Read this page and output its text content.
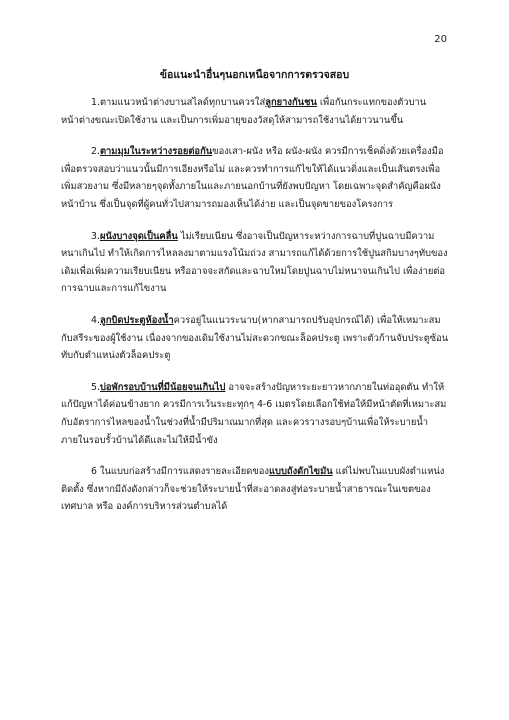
20
ข้อแนะนำอื่นๆนอกเหนือจากการตรวจสอบ

1.ตามแนวหน้าต่างบานสไลด์ทุกบานควรใส่ลูกยางกันชน เพื่อกันกระแทกของตัวบานหน้าต่างขณะเปิดใช้งาน และเป็นการเพิ่มอายุของวัสดุให้สามารถใช้งานได้ยาวนานขึ้น

2.ตามมุมในระหว่างรอยต่อกันของเสา-ผนัง หรือ ผนัง-ผนัง ควรมีการเช็คดิ่งด้วยเครื่องมือเพื่อตรวจสอบว่าแนวนั้นมีการเอียงหรือไม่ และควรทำการแก้ไขให้ได้แนวดิ่งและเป็นเส้นตรงเพื่อเพิ่มสวยงาม ซึ่งมีหลายๆจุดทั้งภายในและภายนอกบ้านที่ยังพบปัญหา โดยเฉพาะจุดสำคัญคือผนังหน้าบ้าน ซึ่งเป็นจุดที่ผู้คนทั่วไปสามารถมองเห็นได้ง่าย และเป็นจุดขายของโครงการ

3.ผนังบางจุดเป็นคลื่น ไม่เรียบเนียน ซึ่งอาจเป็นปัญหาระหว่างการฉาบที่ปูนฉาบมีความหนาเกินไป ทำให้เกิดการไหลลงมาตามแรงโน้มถ่วง สามารถแก้ได้ด้วยการใช้ปูนสกิมบางๆทับของเดิมเพื่อเพิ่มความเรียบเนียน หรืออาจจะสกัดและฉาบใหม่โดยปูนฉาบไม่หนาจนเกินไป เพื่อง่ายต่อการฉาบและการแก้ไขงาน

4.ลูกบิดประตูห้องน้ำควรอยู่ในแนวระนาบ(หากสามารถปรับอุปกรณ์ได้) เพื่อให้เหมาะสมกับสรีระของผู้ใช้งาน เนื่องจากของเดิมใช้งานไม่สะดวกขณะล็อคประตู เพราะตัวก้านจับประตูซ้อนทับกับตำแหน่งตัวล็อคประตู

5.บ่อพักรอบบ้านที่มีน้อยจนเกินไป อาจจะสร้างปัญหาระยะยาวหากภายในท่ออุดตัน ทำให้แก้ปัญหาได้ค่อนข้างยาก ควรมีการเว้นระยะทุกๆ 4-6 เมตรโดยเลือกใช้ท่อให้มีหน้าตัดที่เหมาะสมกับอัตราการไหลของน้ำในช่วงที่น้ำมีปริมาณมากที่สุด และควรวางรอบๆบ้านเพื่อให้ระบายน้ำภายในรอบรั้วบ้านได้ดีและไม่ให้มีน้ำขัง

6 ในแบบก่อสร้างมีการแสดงรายละเอียดของแบบถังดักไขมัน แต่ไม่พบในแบบผังตำแหน่งติดตั้ง ซึ่งหากมีถังดังกล่าวก็จะช่วยให้ระบายน้ำที่สะอาดลงสู่ท่อระบายน้ำสาธารณะในเขตของเทศบาล หรือ องค์การบริหารส่วนตำบลได้
